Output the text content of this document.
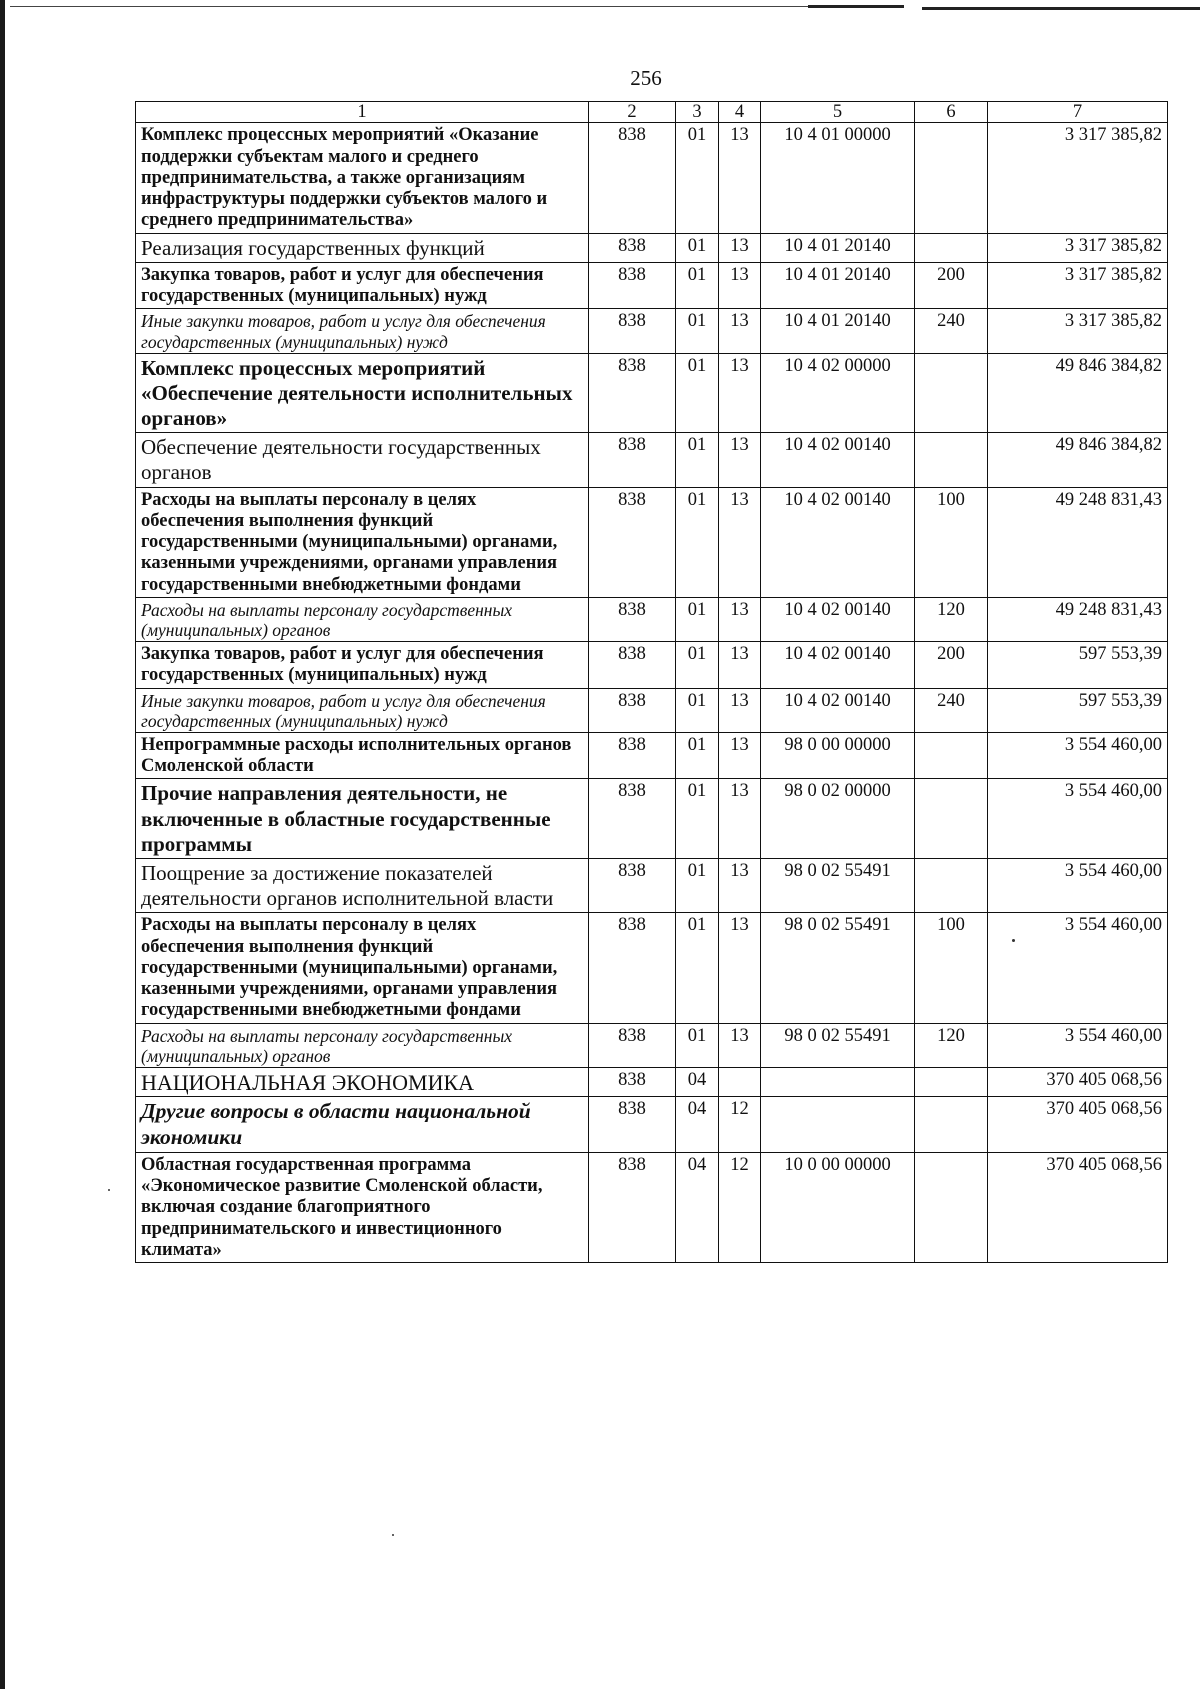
256
1	2	3	4	5	6	7
Комплекс процессных мероприятий «Оказание поддержки субъектам малого и среднего предпринимательства, а также организациям инфраструктуры поддержки субъектов малого и среднего предпринимательства»	838	01	13	10 4 01 00000		3 317 385,82
Реализация государственных функций	838	01	13	10 4 01 20140		3 317 385,82
Закупка товаров, работ и услуг для обеспечения государственных (муниципальных) нужд	838	01	13	10 4 01 20140	200	3 317 385,82
Иные закупки товаров, работ и услуг для обеспечения государственных (муниципальных) нужд	838	01	13	10 4 01 20140	240	3 317 385,82
Комплекс процессных мероприятий «Обеспечение деятельности исполнительных органов»	838	01	13	10 4 02 00000		49 846 384,82
Обеспечение деятельности государственных органов	838	01	13	10 4 02 00140		49 846 384,82
Расходы на выплаты персоналу в целях обеспечения выполнения функций государственными (муниципальными) органами, казенными учреждениями, органами управления государственными внебюджетными фондами	838	01	13	10 4 02 00140	100	49 248 831,43
Расходы на выплаты персоналу государственных (муниципальных) органов	838	01	13	10 4 02 00140	120	49 248 831,43
Закупка товаров, работ и услуг для обеспечения государственных (муниципальных) нужд	838	01	13	10 4 02 00140	200	597 553,39
Иные закупки товаров, работ и услуг для обеспечения государственных (муниципальных) нужд	838	01	13	10 4 02 00140	240	597 553,39
Непрограммные расходы исполнительных органов Смоленской области	838	01	13	98 0 00 00000		3 554 460,00
Прочие направления деятельности, не включенные в областные государственные программы	838	01	13	98 0 02 00000		3 554 460,00
Поощрение за достижение показателей деятельности органов исполнительной власти	838	01	13	98 0 02 55491		3 554 460,00
Расходы на выплаты персоналу в целях обеспечения выполнения функций государственными (муниципальными) органами, казенными учреждениями, органами управления государственными внебюджетными фондами	838	01	13	98 0 02 55491	100	3 554 460,00
Расходы на выплаты персоналу государственных (муниципальных) органов	838	01	13	98 0 02 55491	120	3 554 460,00
НАЦИОНАЛЬНАЯ ЭКОНОМИКА	838	04				370 405 068,56
Другие вопросы в области национальной экономики	838	04	12			370 405 068,56
Областная государственная программа «Экономическое развитие Смоленской области, включая создание благоприятного предпринимательского и инвестиционного климата»	838	04	12	10 0 00 00000		370 405 068,56
